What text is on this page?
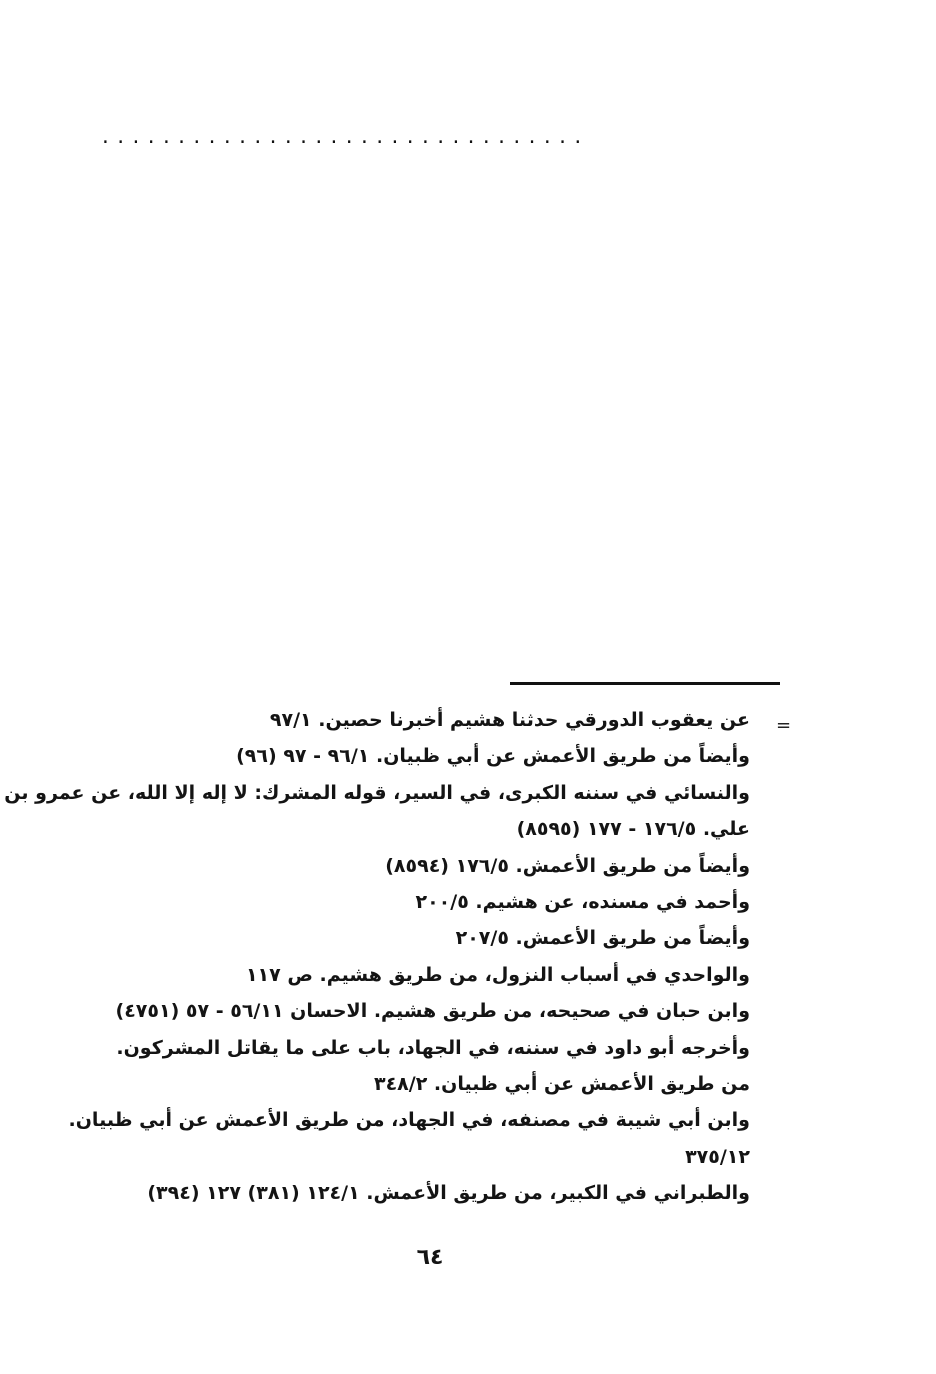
................................
=
عن يعقوب الدورقي حدثنا هشيم أخبرنا حصين. ٩٧/١
وأيضاً من طريق الأعمش عن أبي ظبيان. ٩٦/١ - ٩٧ (٩٦)
والنسائي في سننه الكبرى، في السير، قوله المشرك: لا إله إلا الله، عن عمرو بن
علي. ١٧٦/٥ - ١٧٧ (٨٥٩٥)
وأيضاً من طريق الأعمش. ١٧٦/٥ (٨٥٩٤)
وأحمد في مسنده، عن هشيم. ٢٠٠/٥
وأيضاً من طريق الأعمش. ٢٠٧/٥
والواحدي في أسباب النزول، من طريق هشيم. ص ١١٧
وابن حبان في صحيحه، من طريق هشيم. الاحسان ٥٦/١١ - ٥٧ (٤٧٥١)
وأخرجه أبو داود في سننه، في الجهاد، باب على ما يقاتل المشركون.
من طريق الأعمش عن أبي ظبيان. ٣٤٨/٢
وابن أبي شيبة في مصنفه، في الجهاد، من طريق الأعمش عن أبي ظبيان.
٣٧٥/١٢
والطبراني في الكبير، من طريق الأعمش. ١٢٤/١ (٣٨١) ١٢٧ (٣٩٤)
٦٤
